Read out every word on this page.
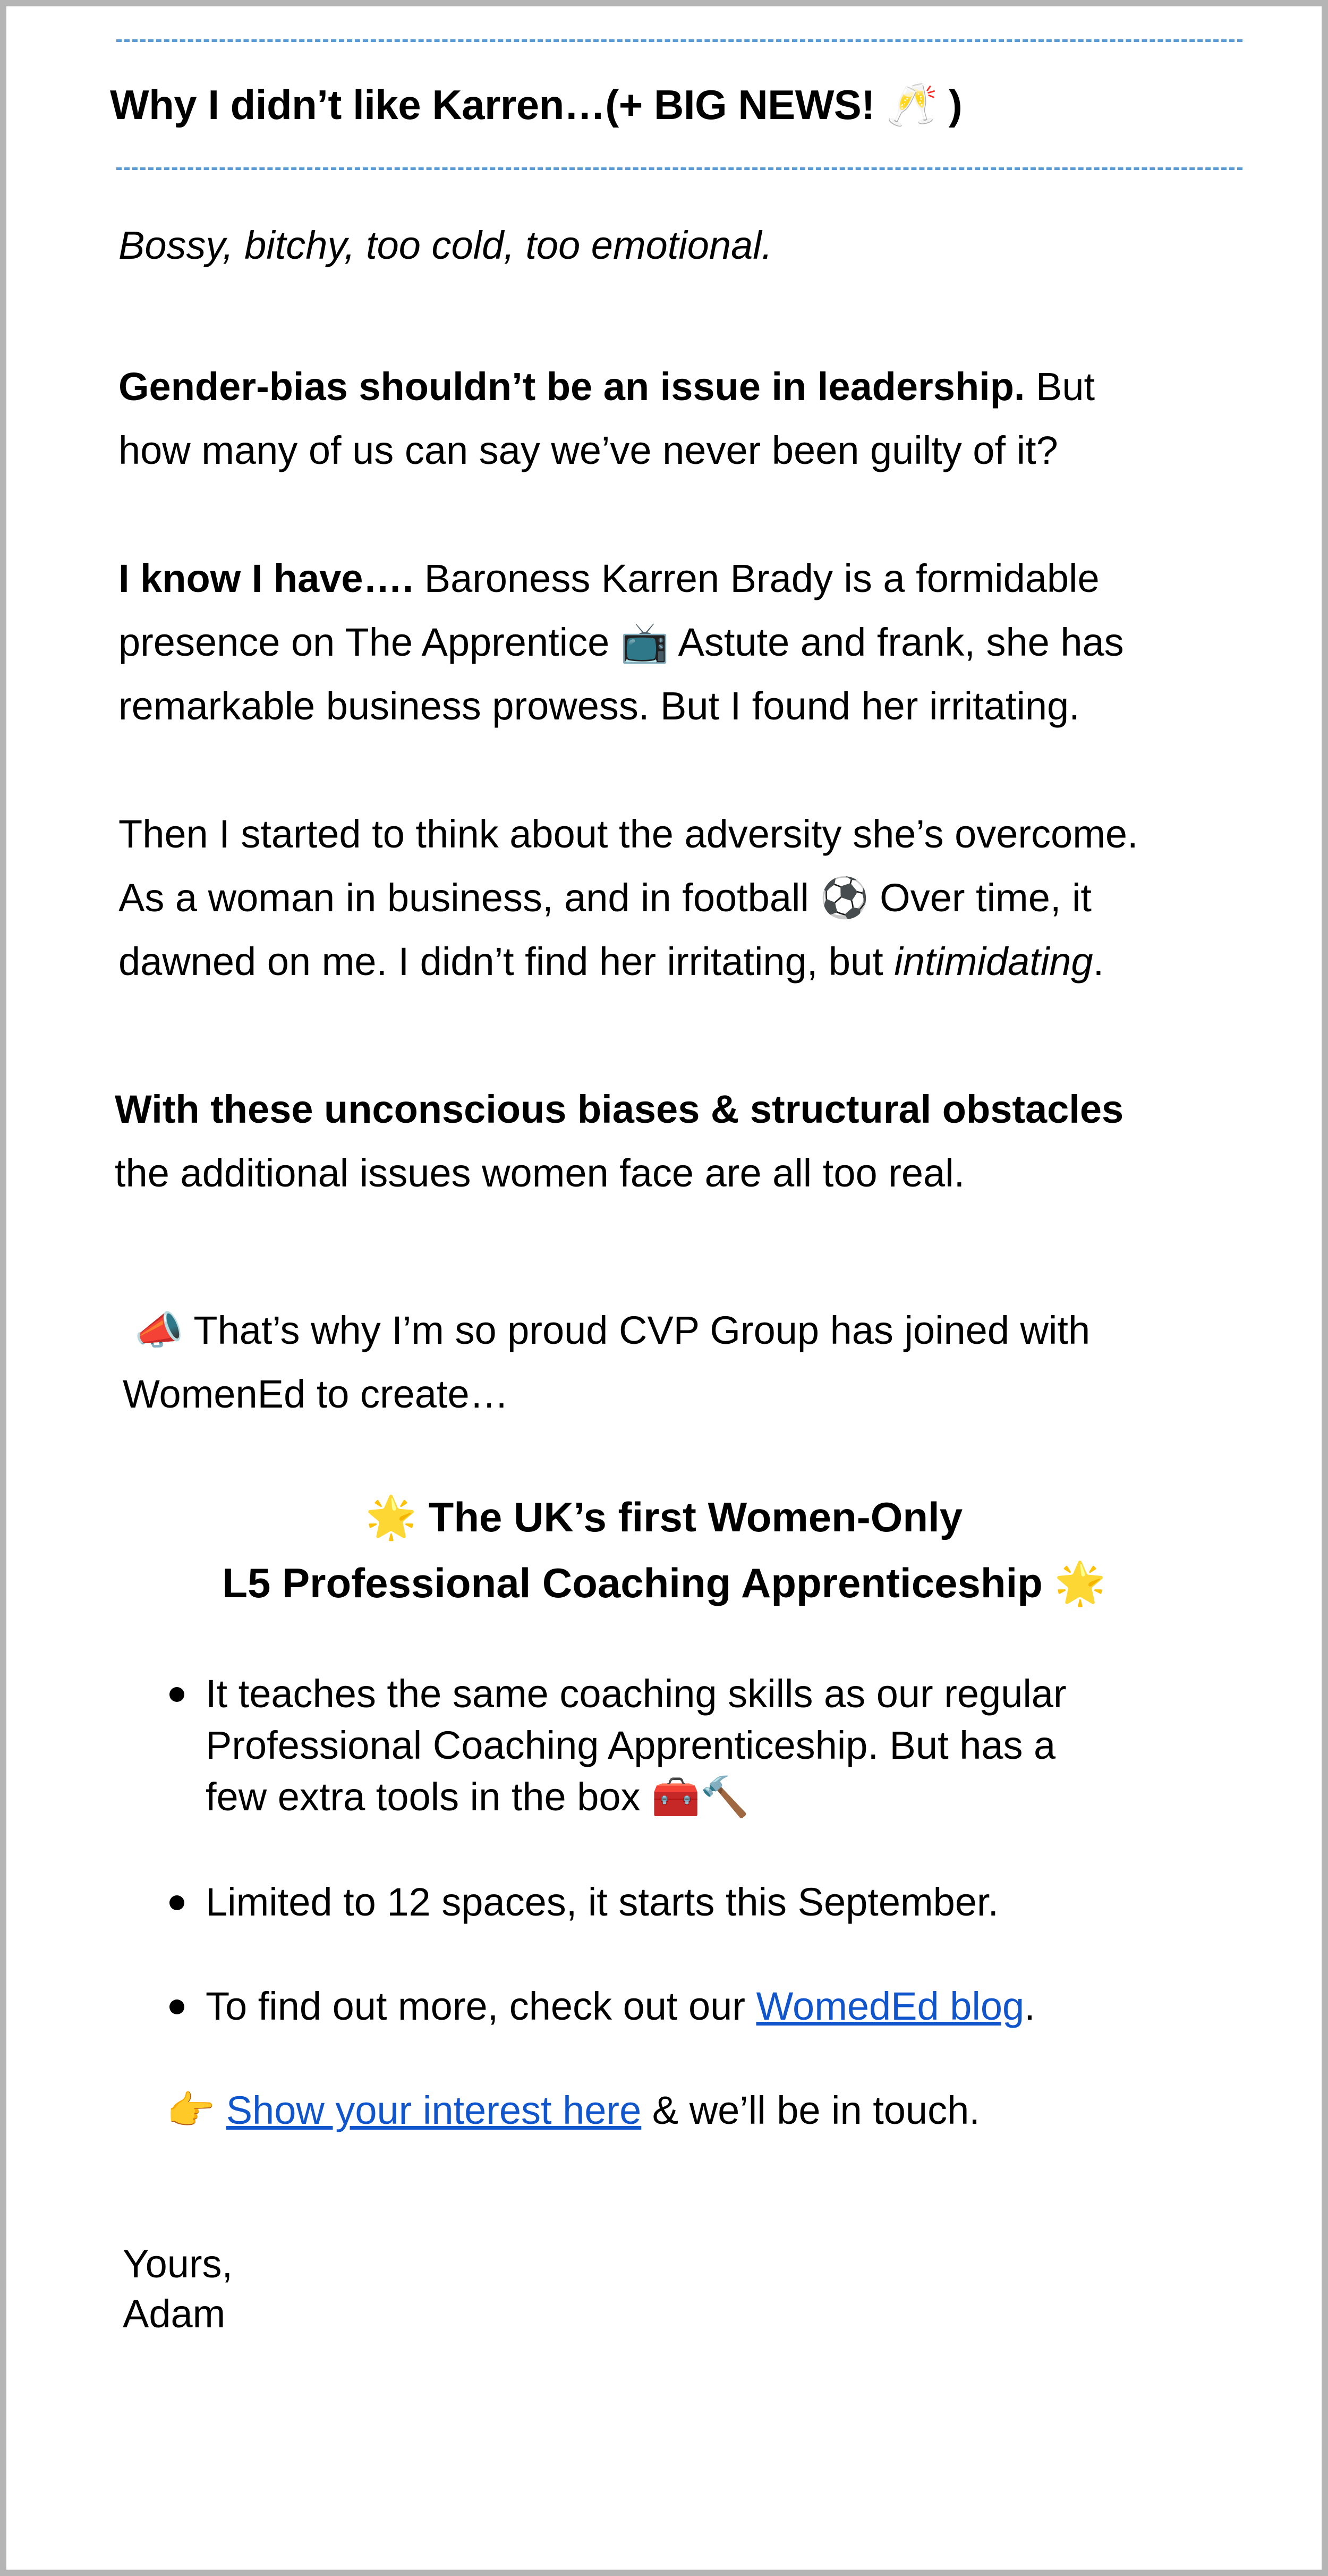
Why I didn’t like Karren…(+ BIG NEWS! 🥂 )
Bossy, bitchy, too cold, too emotional.
Gender-bias shouldn’t be an issue in leadership. But
how many of us can say we’ve never been guilty of it?
I know I have…. Baroness Karren Brady is a formidable
presence on The Apprentice 📺 Astute and frank, she has
remarkable business prowess. But I found her irritating.
Then I started to think about the adversity she’s overcome.
As a woman in business, and in football ⚽ Over time, it
dawned on me. I didn’t find her irritating, but intimidating.
With these unconscious biases & structural obstacles
the additional issues women face are all too real.
📣 That’s why I’m so proud CVP Group has joined with
WomenEd to create…
🌟 The UK’s first Women-Only
L5 Professional Coaching Apprenticeship 🌟
It teaches the same coaching skills as our regular
Professional Coaching Apprenticeship. But has a
few extra tools in the box 🧰🔨
Limited to 12 spaces, it starts this September.
To find out more, check out our WomedEd blog.
👉 Show your interest here & we’ll be in touch.
Yours,
Adam
